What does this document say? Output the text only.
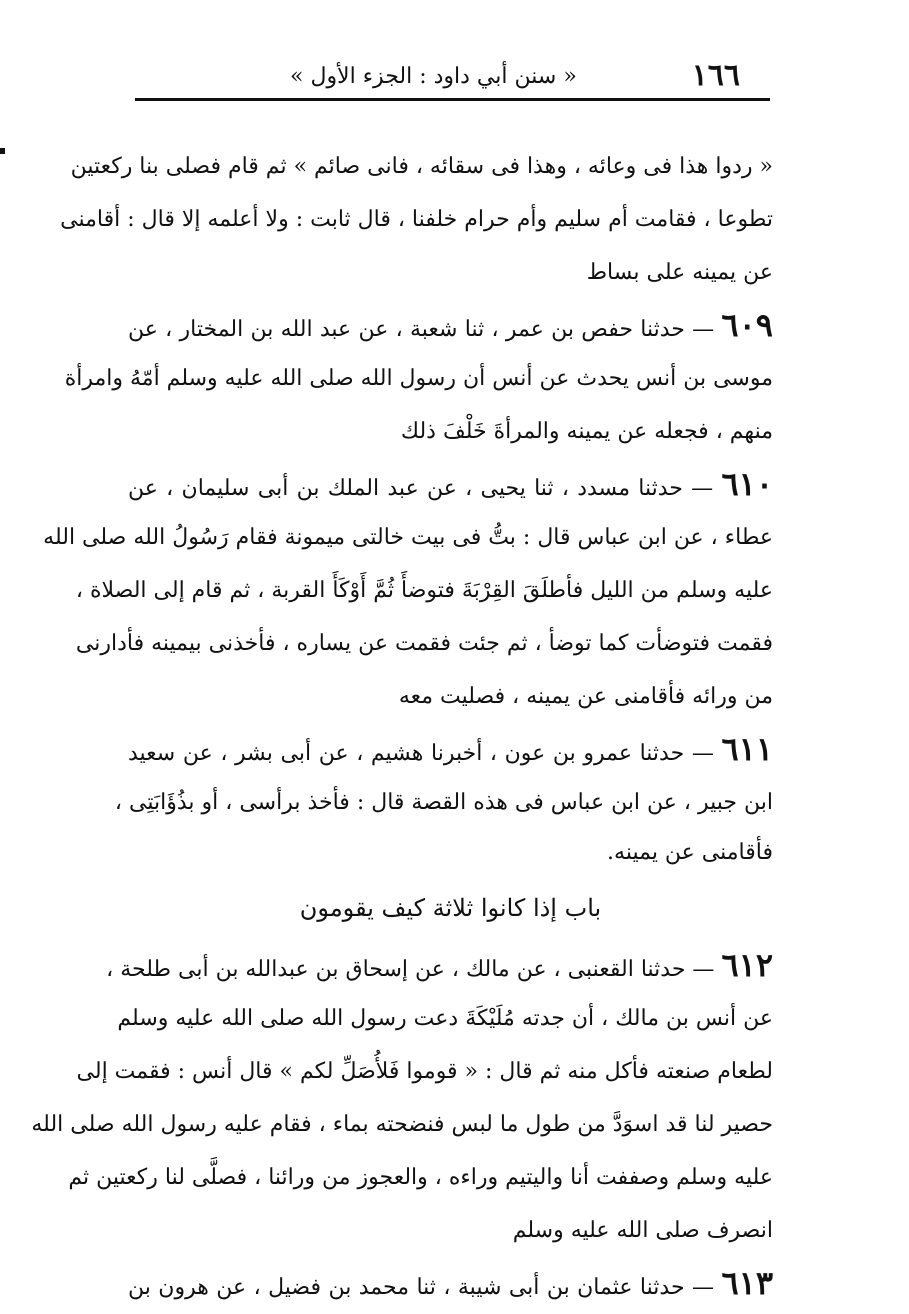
١٦٦
« سنن أبي داود : الجزء الأول »
« ردوا هذا فى وعائه ، وهذا فى سقائه ، فانى صائم » ثم قام فصلى بنا ركعتين
تطوعا ، فقامت أم سليم وأم حرام خلفنا ، قال ثابت : ولا أعلمه إلا قال : أقامنى
عن يمينه على بساط
٦٠٩ — حدثنا حفص بن عمر ، ثنا شعبة ، عن عبد الله بن المختار ، عن
موسى بن أنس يحدث عن أنس أن رسول الله صلى الله عليه وسلم أمّهُ وامرأة
منهم ، فجعله عن يمينه والمرأةَ خَلْفَ ذلك
٦١٠ — حدثنا مسدد ، ثنا يحيى ، عن عبد الملك بن أبى سليمان ، عن
عطاء ، عن ابن عباس قال : بتُّ فى بيت خالتى ميمونة فقام رَسُولُ الله صلى الله
عليه وسلم من الليل فأطلَقَ القِرْبَةَ فتوضأَ ثُمَّ أَوْكَأَ القربة ، ثم قام إلى الصلاة ،
فقمت فتوضأت كما توضأ ، ثم جئت فقمت عن يساره ، فأخذنى بيمينه فأدارنى
من ورائه فأقامنى عن يمينه ، فصليت معه
٦١١ — حدثنا عمرو بن عون ، أخبرنا هشيم ، عن أبى بشر ، عن سعيد
ابن جبير ، عن ابن عباس فى هذه القصة قال : فأخذ برأسى ، أو بذُؤَابَتِى ،
فأقامنى عن يمينه.
باب إذا كانوا ثلاثة كيف يقومون
٦١٢ — حدثنا القعنبى ، عن مالك ، عن إسحاق بن عبدالله بن أبى طلحة ،
عن أنس بن مالك ، أن جدته مُلَيْكَةَ دعت رسول الله صلى الله عليه وسلم
لطعام صنعته فأكل منه ثم قال : « قوموا فَلأُصَلِّ لكم » قال أنس : فقمت إلى
حصير لنا قد اسوَدَّ من طول ما لبس فنضحته بماء ، فقام عليه رسول الله صلى الله
عليه وسلم وصففت أنا واليتيم وراءه ، والعجوز من ورائنا ، فصلَّى لنا ركعتين ثم
انصرف صلى الله عليه وسلم
٦١٣ — حدثنا عثمان بن أبى شيبة ، ثنا محمد بن فضيل ، عن هرون بن
